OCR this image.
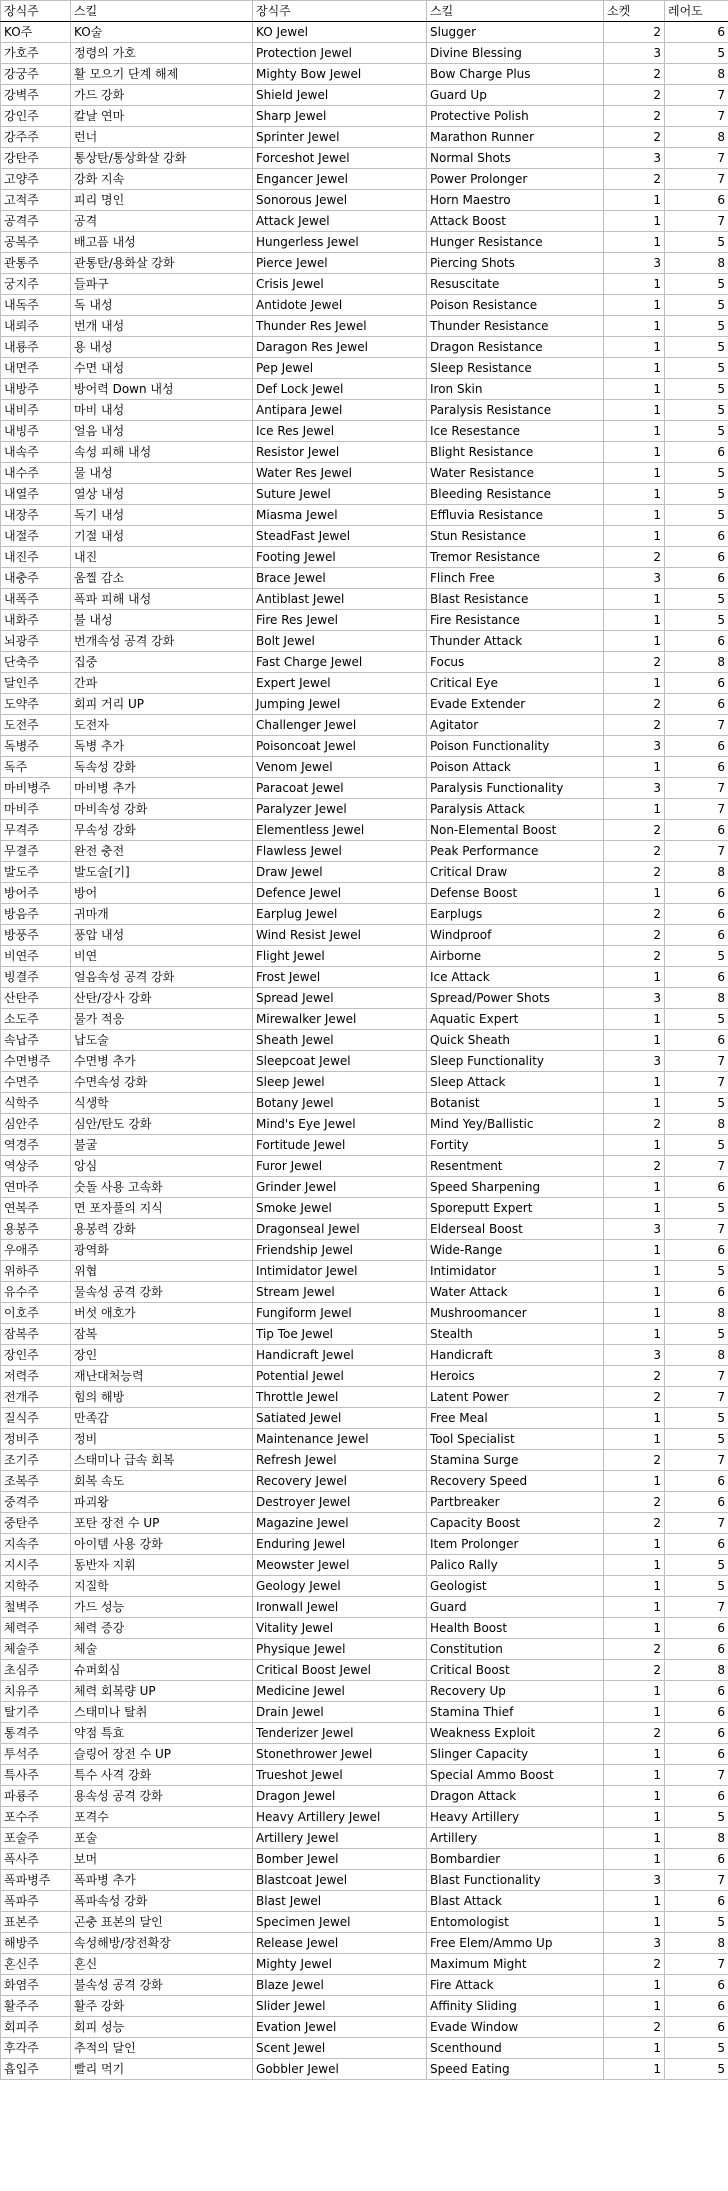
장식주	스킬	장식주	스킬	소켓	레어도
KO주	KO술	KO Jewel	Slugger	2	6
가호주	정령의 가호	Protection Jewel	Divine Blessing	3	5
강궁주	활 모으기 단계 해제	Mighty Bow Jewel	Bow Charge Plus	2	8
강벽주	가드 강화	Shield Jewel	Guard Up	2	7
강인주	칼날 연마	Sharp Jewel	Protective Polish	2	7
강주주	런너	Sprinter Jewel	Marathon Runner	2	8
강탄주	통상탄/통상화살 강화	Forceshot Jewel	Normal Shots	3	7
고양주	강화 지속	Engancer Jewel	Power Prolonger	2	7
고적주	피리 명인	Sonorous Jewel	Horn Maestro	1	6
공격주	공격	Attack Jewel	Attack Boost	1	7
공복주	배고픔 내성	Hungerless Jewel	Hunger Resistance	1	5
관통주	관통탄/용화살 강화	Pierce Jewel	Piercing Shots	3	8
궁지주	들파구	Crisis Jewel	Resuscitate	1	5
내독주	독 내성	Antidote Jewel	Poison Resistance	1	5
내뢰주	번개 내성	Thunder Res Jewel	Thunder Resistance	1	5
내룡주	용 내성	Daragon Res Jewel	Dragon Resistance	1	5
내면주	수면 내성	Pep Jewel	Sleep Resistance	1	5
내방주	방어력 Down 내성	Def Lock Jewel	Iron Skin	1	5
내비주	마비 내성	Antipara Jewel	Paralysis Resistance	1	5
내빙주	얼음 내성	Ice Res Jewel	Ice Resestance	1	5
내속주	속성 피해 내성	Resistor Jewel	Blight Resistance	1	6
내수주	물 내성	Water Res Jewel	Water Resistance	1	5
내열주	열상 내성	Suture Jewel	Bleeding Resistance	1	5
내장주	독기 내성	Miasma Jewel	Effluvia Resistance	1	5
내절주	기절 내성	SteadFast Jewel	Stun Resistance	1	6
내진주	내진	Footing Jewel	Tremor Resistance	2	6
내충주	움찔 감소	Brace Jewel	Flinch Free	3	6
내폭주	폭파 피해 내성	Antiblast Jewel	Blast Resistance	1	5
내화주	불 내성	Fire Res Jewel	Fire Resistance	1	5
뇌광주	번개속성 공격 강화	Bolt Jewel	Thunder Attack	1	6
단축주	집중	Fast Charge Jewel	Focus	2	8
달인주	간파	Expert Jewel	Critical Eye	1	6
도약주	회피 거리 UP	Jumping Jewel	Evade Extender	2	6
도전주	도전자	Challenger Jewel	Agitator	2	7
독병주	독병 추가	Poisoncoat Jewel	Poison Functionality	3	6
독주	독속성 강화	Venom Jewel	Poison Attack	1	6
마비병주	마비병 추가	Paracoat Jewel	Paralysis Functionality	3	7
마비주	마비속성 강화	Paralyzer Jewel	Paralysis Attack	1	7
무격주	무속성 강화	Elementless Jewel	Non-Elemental Boost	2	6
무결주	완전 충전	Flawless Jewel	Peak Performance	2	7
발도주	발도술[기]	Draw Jewel	Critical Draw	2	8
방어주	방어	Defence Jewel	Defense Boost	1	6
방음주	귀마개	Earplug Jewel	Earplugs	2	6
방풍주	풍압 내성	Wind Resist Jewel	Windproof	2	6
비연주	비연	Flight Jewel	Airborne	2	5
빙결주	얼음속성 공격 강화	Frost Jewel	Ice Attack	1	6
산탄주	산탄/강사 강화	Spread Jewel	Spread/Power Shots	3	8
소도주	물가 적응	Mirewalker Jewel	Aquatic Expert	1	5
속납주	납도술	Sheath Jewel	Quick Sheath	1	6
수면병주	수면병 추가	Sleepcoat Jewel	Sleep Functionality	3	7
수면주	수면속성 강화	Sleep Jewel	Sleep Attack	1	7
식학주	식생학	Botany Jewel	Botanist	1	5
심안주	심안/탄도 강화	Mind's Eye Jewel	Mind Yey/Ballistic	2	8
역경주	불굴	Fortitude Jewel	Fortity	1	5
역상주	앙심	Furor Jewel	Resentment	2	7
연마주	숫돌 사용 고속화	Grinder Jewel	Speed Sharpening	1	6
연복주	면 포자풀의 지식	Smoke Jewel	Sporeputt Expert	1	5
용봉주	용봉력 강화	Dragonseal Jewel	Elderseal Boost	3	7
우애주	광역화	Friendship Jewel	Wide-Range	1	6
위하주	위협	Intimidator Jewel	Intimidator	1	5
유수주	물속성 공격 강화	Stream Jewel	Water Attack	1	6
이호주	버섯 애호가	Fungiform Jewel	Mushroomancer	1	8
잠복주	잠복	Tip Toe Jewel	Stealth	1	5
장인주	장인	Handicraft Jewel	Handicraft	3	8
저력주	재난대처능력	Potential Jewel	Heroics	2	7
전개주	힘의 해방	Throttle Jewel	Latent Power	2	7
질식주	만족감	Satiated Jewel	Free Meal	1	5
정비주	정비	Maintenance Jewel	Tool Specialist	1	5
조기주	스태미나 급속 회복	Refresh Jewel	Stamina Surge	2	7
조복주	회복 속도	Recovery Jewel	Recovery Speed	1	6
중격주	파괴왕	Destroyer Jewel	Partbreaker	2	6
중탄주	포탄 장전 수 UP	Magazine Jewel	Capacity Boost	2	7
지속주	아이템 사용 강화	Enduring Jewel	Item Prolonger	1	6
지시주	동반자 지휘	Meowster Jewel	Palico Rally	1	5
지학주	지질학	Geology Jewel	Geologist	1	5
철벽주	가드 성능	Ironwall Jewel	Guard	1	7
체력주	체력 증강	Vitality Jewel	Health Boost	1	6
체술주	체술	Physique Jewel	Constitution	2	6
초심주	슈퍼회심	Critical Boost Jewel	Critical Boost	2	8
치유주	체력 회복량 UP	Medicine Jewel	Recovery Up	1	6
탈기주	스태미나 탈취	Drain Jewel	Stamina Thief	1	6
통격주	약점 특효	Tenderizer Jewel	Weakness Exploit	2	6
투석주	슬링어 장전 수 UP	Stonethrower Jewel	Slinger Capacity	1	6
특사주	특수 사격 강화	Trueshot Jewel	Special Ammo Boost	1	7
파룡주	용속성 공격 강화	Dragon Jewel	Dragon Attack	1	6
포수주	포격수	Heavy Artillery Jewel	Heavy Artillery	1	5
포술주	포술	Artillery Jewel	Artillery	1	8
폭사주	보머	Bomber Jewel	Bombardier	1	6
폭파병주	폭파병 추가	Blastcoat Jewel	Blast Functionality	3	7
폭파주	폭파속성 강화	Blast Jewel	Blast Attack	1	6
표본주	곤충 표본의 달인	Specimen Jewel	Entomologist	1	5
해방주	속성해방/장전확장	Release Jewel	Free Elem/Ammo Up	3	8
혼신주	혼신	Mighty Jewel	Maximum Might	2	7
화염주	불속성 공격 강화	Blaze Jewel	Fire Attack	1	6
활주주	활주 강화	Slider Jewel	Affinity Sliding	1	6
회피주	회피 성능	Evation Jewel	Evade Window	2	6
후각주	추적의 달인	Scent Jewel	Scenthound	1	5
흡입주	빨리 먹기	Gobbler Jewel	Speed Eating	1	5
